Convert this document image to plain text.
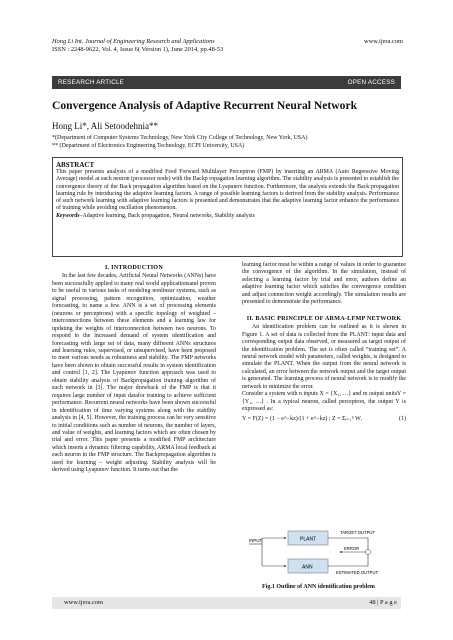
Hong Li Int. Journal of Engineering Research and Applications
ISSN : 2248-9622, Vol. 4, Issue 6( Version 1), June 2014, pp.48-53
www.ijera.com
RESEARCH ARTICLE	OPEN ACCESS
Convergence Analysis of Adaptive Recurrent Neural Network
Hong Li*, Ali Setoodehnia**
*(Department of Computer Systems Technology, New York City College of Technology, New York, USA)
** (Department of Electronics Engineering Technology, ECPI University, USA)
ABSTRACT
This paper presents analysis of a modified Feed Forward Multilayer Perceptron (FMP) by inserting an ARMA (Auto Regressive Moving Average) model at each neuron (processor node) with the Backp ropagation learning algorithm. The stability analysis is presented to establish the convergence theory of the Back propagation algorithm based on the Lyapunov function. Furthermore, the analysis extends the Back propagation learning rule by introducing the adaptive learning factors. A range of possible learning factors is derived from the stability analysis. Performance of such network learning with adaptive learning factors is presented and demonstrates that the adaptive learning factor enhance the performance of training while avoiding oscillation phenomenon.
Keywords–Adaptive learning, Back propagation, Neural networks, Stability analysis
I. INTRODUCTION
In the last few decades, Artificial Neural Networks (ANNs) have been successfully applied to many real world applicationsand proven to be useful in various tasks of modeling nonlinear systems, such as signal processing, pattern recognition, optimization, weather forecasting, to name a few. ANN is a set of processing elements (neurons or perceptrons) with a specific topology of weighted –interconnections between these elements and a learning law for updating the weights of interconnection between two neurons. To respond to the increased demand of system identification and forecasting with large set of data, many different ANNs structures and learning rules, supervised, or unsupervised, have been proposed to meet various needs as robustness and stability. The FMP networks have been shown to obtain successful results in system identification and control [1, 2]. The Lyapunov function approach was used to obtain stability analysis of Backpropagation training algorithm of such network in [3]. The major drawback of the FMP is that it requires large number of input datafor training to achieve sufficient performance. Recurrent neural networks have been shown successful in identification of time varying systems along with the stability analysis in [4, 5]. However, the training process can be very sensitive to initial conditions such as number of neurons, the number of layers, and value of weights, and learning factors which are often chosen by trial and error. This paper presents a modified FMP architecture which inserts a dynamic filtering capability, ARMA local feedback at each neuron in the FMP structure. The Backpropagation algorithm is used for learning – weight adjusting. Stability analysis will be derived using Lyapunov function. It turns out that the
learning factor must be within a range of values in order to guarantee the convergence of the algorithm. In the simulation, instead of selecting a learning factor by trial and error, authors define an adaptive learning factor which satisfies the convergence condition and adjust connection weight accordingly. The simulation results are presented to demonstrate the performance.
II. BASIC PRINCIPLE OF ARMA-LFMP NETWORK
An identification problem can be outlined as it is shown in Figure 1. A set of data is collected from the PLANT: input data and corresponding output data observed, or measured as target output of the identification problem. The set is often called “training set”. A neural network model with parameters, called weights, is designed to simulate the PLANT. When the output from the neural network is calculated, an error between the network output and the target output is generated. The learning process of neural network is to modify the network to minimize the error.
Consider a system with n inputs X = {X₁, …} and m output unitsY = {Y₁, …} . In a typical neuron, called perceptron, the output Y is expressed as:
Y = F(Z) = (1 − e^−kz)/(1 + e^−kz) ; Z = Σᵢ₌₁ⁿ Wᵢ	(1)
INPUT	PLANT
ANN
TARGET OUTPUT
ERROR
ESTIMATED OUTPUT
Fig.1 Outline of ANN identification problem
www.ijera.com	48 | P a g e
